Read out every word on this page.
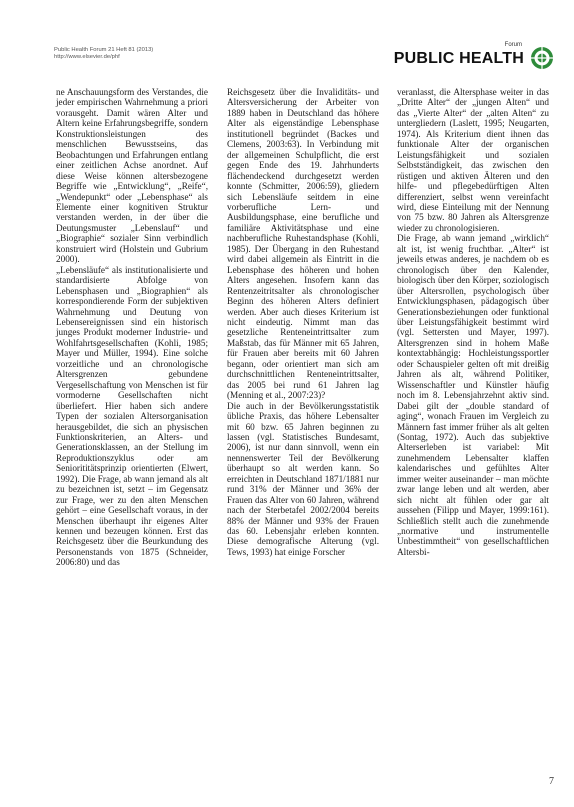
Public Health Forum 21 Heft 81 (2013)
http://www.elsevier.de/phf
Forum
PUBLIC HEALTH

ne Anschauungsform des Verstandes, die jeder empirischen Wahrnehmung a priori vorausgeht. Damit wären Alter und Altern keine Erfahrungsbegriffe, sondern Konstruktionsleistungen des menschlichen Bewusstseins, das Beobachtungen und Erfahrungen entlang einer zeitlichen Achse anordnet. Auf diese Weise können altersbezogene Begriffe wie „Entwicklung“, „Reife“, „Wendepunkt“ oder „Lebensphase“ als Elemente einer kognitiven Struktur verstanden werden, in der über die Deutungsmuster „Lebenslauf“ und „Biographie“ sozialer Sinn verbindlich konstruiert wird (Holstein und Gubrium 2000).

„Lebensläufe“ als institutionalisierte und standardisierte Abfolge von Lebensphasen und „Biographien“ als korrespondierende Form der subjektiven Wahrnehmung und Deutung von Lebensereignissen sind ein historisch junges Produkt moderner Industrie- und Wohlfahrtsgesellschaften (Kohli, 1985; Mayer und Müller, 1994). Eine solche vorzeitliche und an chronologische Altersgrenzen gebundene Vergesellschaftung von Menschen ist für vormoderne Gesellschaften nicht überliefert. Hier haben sich andere Typen der sozialen Altersorganisation herausgebildet, die sich an physischen Funktionskriterien, an Alters- und Generationsklassen, an der Stellung im Reproduktionszyklus oder am Seniorititätsprinzip orientierten (Elwert, 1992). Die Frage, ab wann jemand als alt zu bezeichnen ist, setzt – im Gegensatz zur Frage, wer zu den alten Menschen gehört – eine Gesellschaft voraus, in der Menschen überhaupt ihr eigenes Alter kennen und bezeugen können. Erst das Reichsgesetz über die Beurkundung des Personenstands von 1875 (Schneider, 2006:80) und das

Reichsgesetz über die Invaliditäts- und Altersversicherung der Arbeiter von 1889 haben in Deutschland das höhere Alter als eigenständige Lebensphase institutionell begründet (Backes und Clemens, 2003:63). In Verbindung mit der allgemeinen Schulpflicht, die erst gegen Ende des 19. Jahrhunderts flächendeckend durchgesetzt werden konnte (Schmitter, 2006:59), gliedern sich Lebensläufe seitdem in eine vorberufliche Lern- und Ausbildungsphase, eine berufliche und familiäre Aktivitätsphase und eine nachberufliche Ruhestandsphase (Kohli, 1985). Der Übergang in den Ruhestand wird dabei allgemein als Eintritt in die Lebensphase des höheren und hohen Alters angesehen. Insofern kann das Rentenzeitritsalter als chronologischer Beginn des höheren Alters definiert werden. Aber auch dieses Kriterium ist nicht eindeutig. Nimmt man das gesetzliche Renteneintrittsalter zum Maßstab, das für Männer mit 65 Jahren, für Frauen aber bereits mit 60 Jahren begann, oder orientiert man sich am durchschnittlichen Renteneintrittsalter, das 2005 bei rund 61 Jahren lag (Menning et al., 2007:23)?

Die auch in der Bevölkerungsstatistik übliche Praxis, das höhere Lebensalter mit 60 bzw. 65 Jahren beginnen zu lassen (vgl. Statistisches Bundesamt, 2006), ist nur dann sinnvoll, wenn ein nennenswerter Teil der Bevölkerung überhaupt so alt werden kann. So erreichten in Deutschland 1871/1881 nur rund 31% der Männer und 36% der Frauen das Alter von 60 Jahren, während nach der Sterbetafel 2002/2004 bereits 88% der Männer und 93% der Frauen das 60. Lebensjahr erleben konnten. Diese demografische Alterung (vgl. Tews, 1993) hat einige Forscher

veranlasst, die Altersphase weiter in das „Dritte Alter“ der „jungen Alten“ und das „Vierte Alter“ der „alten Alten“ zu untergliedern (Laslett, 1995; Neugarten, 1974). Als Kriterium dient ihnen das funktionale Alter der organischen Leistungsfähigkeit und sozialen Selbstständigkeit, das zwischen den rüstigen und aktiven Älteren und den hilfe- und pflegebedürftigen Alten differenziert, selbst wenn vereinfacht wird, diese Einteilung mit der Nennung von 75 bzw. 80 Jahren als Altersgrenze wieder zu chronologisieren.

Die Frage, ab wann jemand „wirklich“ alt ist, ist wenig fruchtbar. „Alter“ ist jeweils etwas anderes, je nachdem ob es chronologisch über den Kalender, biologisch über den Körper, soziologisch über Altersrollen, psychologisch über Entwicklungsphasen, pädagogisch über Generationsbeziehungen oder funktional über Leistungsfähigkeit bestimmt wird (vgl. Settersten und Mayer, 1997). Altersgrenzen sind in hohem Maße kontextabhängig: Hochleistungssportler oder Schauspieler gelten oft mit dreißig Jahren als alt, während Politiker, Wissenschaftler und Künstler häufig noch im 8. Lebensjahrzehnt aktiv sind. Dabei gilt der „double standard of aging“, wonach Frauen im Vergleich zu Männern fast immer früher als alt gelten (Sontag, 1972). Auch das subjektive Alterserleben ist variabel: Mit zunehmendem Lebensalter klaffen kalendarisches und gefühltes Alter immer weiter auseinander – man möchte zwar lange leben und alt werden, aber sich nicht alt fühlen oder gar alt aussehen (Filipp und Mayer, 1999:161). Schließlich stellt auch die zunehmende „normative und instrumentelle Unbestimmtheit“ von gesellschaftlichen Altersbi-

7
